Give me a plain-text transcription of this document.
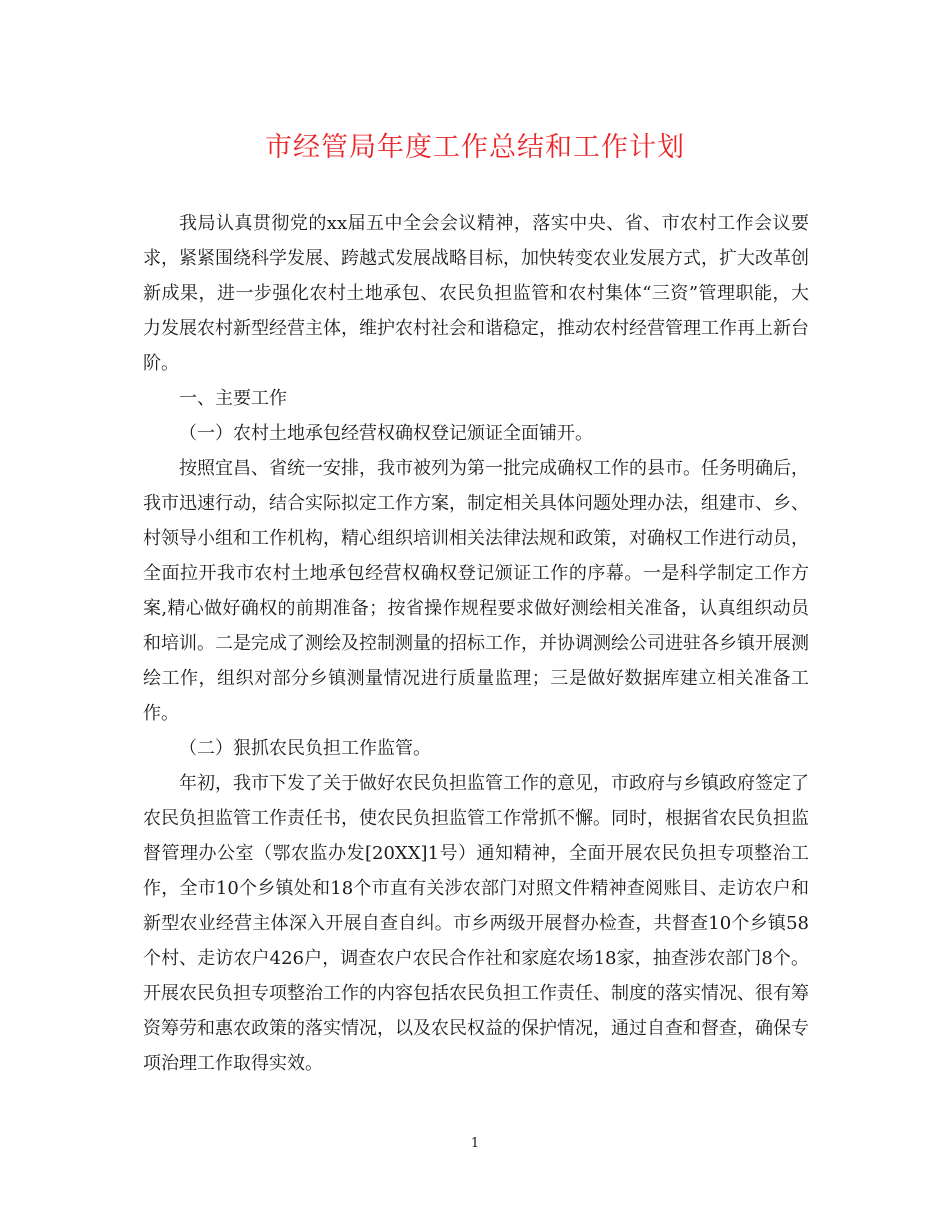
市经管局年度工作总结和工作计划

我局认真贯彻党的xx届五中全会会议精神，落实中央、省、市农村工作会议要求，紧紧围绕科学发展、跨越式发展战略目标，加快转变农业发展方式，扩大改革创新成果，进一步强化农村土地承包、农民负担监管和农村集体“三资”管理职能，大力发展农村新型经营主体，维护农村社会和谐稳定，推动农村经营管理工作再上新台阶。

一、主要工作

（一）农村土地承包经营权确权登记颁证全面铺开。

按照宜昌、省统一安排，我市被列为第一批完成确权工作的县市。任务明确后，我市迅速行动，结合实际拟定工作方案，制定相关具体问题处理办法，组建市、乡、村领导小组和工作机构，精心组织培训相关法律法规和政策，对确权工作进行动员，全面拉开我市农村土地承包经营权确权登记颁证工作的序幕。一是科学制定工作方案,精心做好确权的前期准备；按省操作规程要求做好测绘相关准备，认真组织动员和培训。二是完成了测绘及控制测量的招标工作，并协调测绘公司进驻各乡镇开展测绘工作，组织对部分乡镇测量情况进行质量监理；三是做好数据库建立相关准备工作。

（二）狠抓农民负担工作监管。

年初，我市下发了关于做好农民负担监管工作的意见，市政府与乡镇政府签定了农民负担监管工作责任书，使农民负担监管工作常抓不懈。同时，根据省农民负担监督管理办公室（鄂农监办发[20XX]1号）通知精神，全面开展农民负担专项整治工作，全市10个乡镇处和18个市直有关涉农部门对照文件精神查阅账目、走访农户和新型农业经营主体深入开展自查自纠。市乡两级开展督办检查，共督查10个乡镇58个村、走访农户426户，调查农户农民合作社和家庭农场18家，抽查涉农部门8个。开展农民负担专项整治工作的内容包括农民负担工作责任、制度的落实情况、很有筹资筹劳和惠农政策的落实情况，以及农民权益的保护情况，通过自查和督查，确保专项治理工作取得实效。

1
